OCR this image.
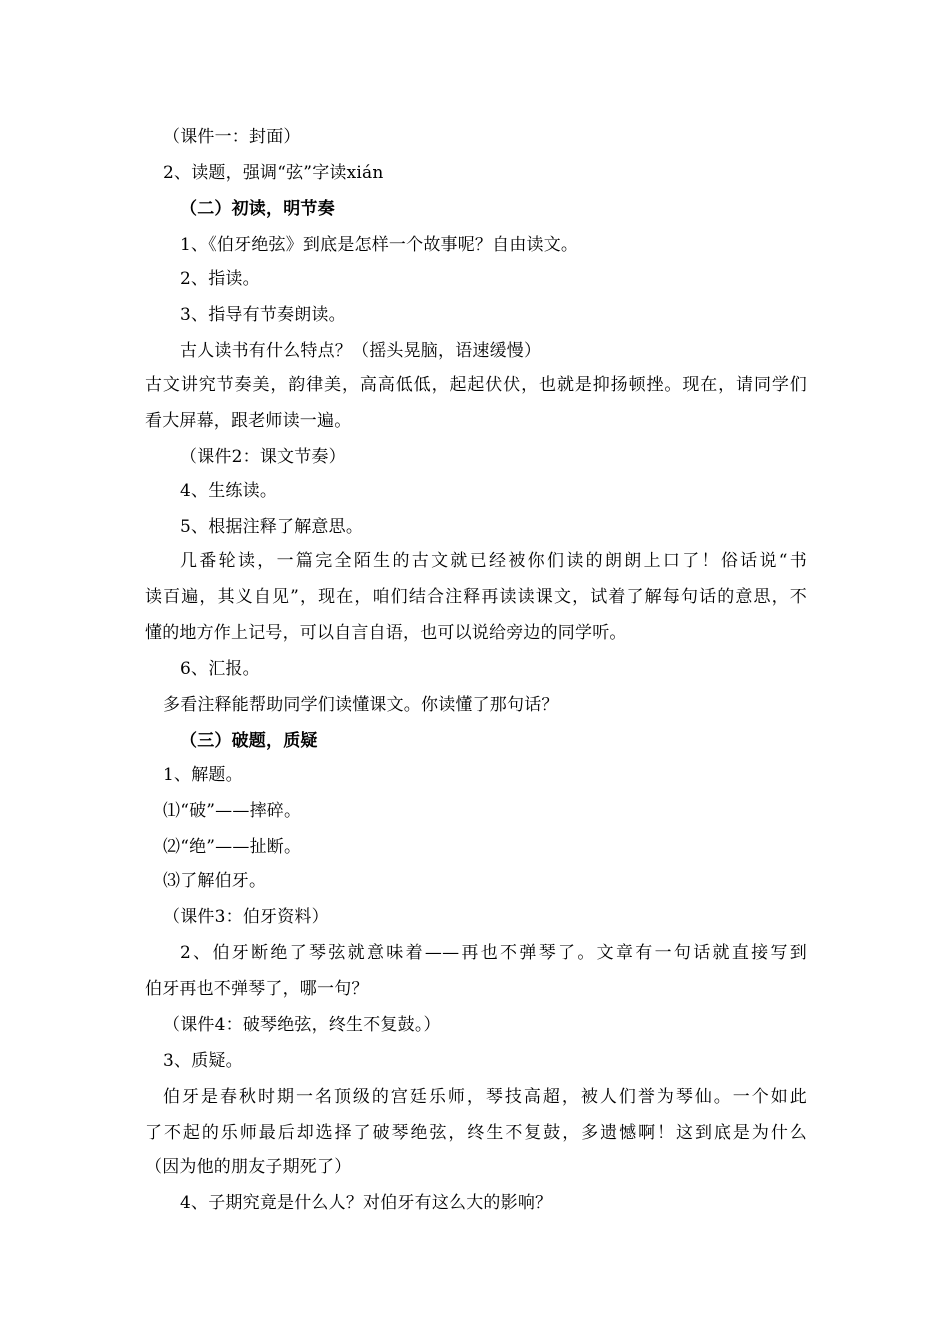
（课件一：封面）
2、读题，强调“弦”字读xián
（二）初读，明节奏
1、《伯牙绝弦》到底是怎样一个故事呢？自由读文。
2、指读。
3、指导有节奏朗读。
古人读书有什么特点？（摇头晃脑，语速缓慢）
古文讲究节奏美，韵律美，高高低低，起起伏伏，也就是抑扬顿挫。现在，请同学们
看大屏幕，跟老师读一遍。
（课件2：课文节奏）
4、生练读。
5、根据注释了解意思。
几番轮读，一篇完全陌生的古文就已经被你们读的朗朗上口了！俗话说“书
读百遍，其义自见”，现在，咱们结合注释再读读课文，试着了解每句话的意思，不
懂的地方作上记号，可以自言自语，也可以说给旁边的同学听。
6、汇报。
多看注释能帮助同学们读懂课文。你读懂了那句话？
（三）破题，质疑
1、解题。
⑴“破”——摔碎。
⑵“绝”——扯断。
⑶了解伯牙。
（课件3：伯牙资料）
2、伯牙断绝了琴弦就意味着——再也不弹琴了。文章有一句话就直接写到
伯牙再也不弹琴了，哪一句？
（课件4：破琴绝弦，终生不复鼓。）
3、质疑。
伯牙是春秋时期一名顶级的宫廷乐师，琴技高超，被人们誉为琴仙。一个如此
了不起的乐师最后却选择了破琴绝弦，终生不复鼓，多遗憾啊！这到底是为什么
（因为他的朋友子期死了）
4、子期究竟是什么人？对伯牙有这么大的影响？
